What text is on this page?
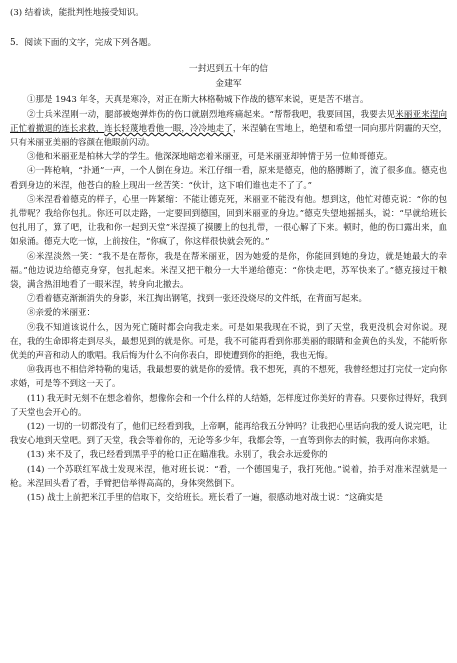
(3) 结着读，能批判性地接受知识。

5．阅读下面的文字，完成下列各题。

一封迟到五十年的信
金建军

①那是 1943 年冬，天真是寒冷，对正在斯大林格勒城下作战的德军来说，更是苦不堪言。

②士兵米涅刚一动，腿部被炮弹炸伤的伤口就剧烈地疼痛起来。“帮帮我吧，我要回国，我要去见米丽亚来涅向正忙着撤退的连长求救，连长轻蔑地看他一眼，冷冷地走了，米涅躺在雪地上，绝望和希望一同向那片阴霾的天空，只有米丽亚美丽的容颜在他眼前闪动。

③他和米丽亚是柏林大学的学生。他深深地暗恋着米丽亚，可是米丽亚却钟情于另一位帅哥德克。

④一阵枪响，“扑通”一声，一个人倒在身边。米江仔细一看，原来是德克，他的胳膊断了，流了很多血。德克也看到身边的米涅，他苍白的脸上现出一丝苦笑：“伙计，这下咱们谁也走不了了。”

⑤米涅看着德克的样子，心里一阵紧缩：不能让德克死，米丽亚不能没有他。想到这，他忙对德克说：“你的包扎带呢？我给你包扎。你还可以走路，一定要回到德国，回到米丽亚的身边。”德克失望地摇摇头，说：“早就给班长包扎用了，算了吧，让我和你一起到天堂”米涅摸了摸腰上的包扎带，一很心解了下来。顿时，他的伤口露出来，血如泉涌。德克大吃一惊，上前按住，“你疯了，你这样很快就会死的。”

⑥米涅淡然一笑：“我不是在帮你，我是在帮米丽亚，因为她爱的是你，你能回到她的身边，就是她最大的幸福。”他边说边给德克身穿，包扎起来。米涅又把干粮分一大半递给德克：“你快走吧，苏军快来了。”德克接过干粮袋，满含热泪地看了一眼米涅，转身向北撤去。

⑦看着德克渐渐消失的身影，米江掏出钢笔，找到一张还没烧尽的文件纸，在背面写起来。

⑧亲爱的米丽亚：

⑨我不知道该说什么，因为死亡随时都会向我走来。可是如果我现在不说，到了天堂，我更没机会对你说。现在，我的生命即将走到尽头，最想见到的就是你。可是，我不可能再看到你那美丽的眼睛和金黄色的头发，不能听你优美的声音和动人的歌唱。我后悔为什么不向你表白，即使遭到你的拒绝，我也无悔。

⑩我再也不相信斧特勒的鬼话，我最想要的就是你的爱情。我不想死，真的不想死，我曾经想过打完仗一定向你求婚，可是等不到这一天了。

(11) 我无时无刻不在想念着你，想像你会和一个什么样的人结婚，怎样度过你美好的青春。只要你过得好，我到了天堂也会开心的。

(12) 一切的一切都没有了，他们已经看到我，上帝啊，能再给我五分钟吗？让我把心里话向我的爱人说完吧，让我安心地到天堂吧。到了天堂，我会等着你的，无论等多少年，我都会等，一直等到你去的时候，我再向你求婚。

(13) 来不及了，我已经看到黑乎乎的枪口正在瞄准我。永别了，我会永远爱你的

(14) 一个苏联红军战士发现米涅，他对班长说：“看，一个德国鬼子，我打死他。”说着，抬手对准米涅就是一枪。米涅回头看了看，手臂把信举得高高的，身体突然倒下。

(15) 战士上前把米江手里的信取下，交给班长。班长看了一遍，很感动地对战士说：“这确实是
